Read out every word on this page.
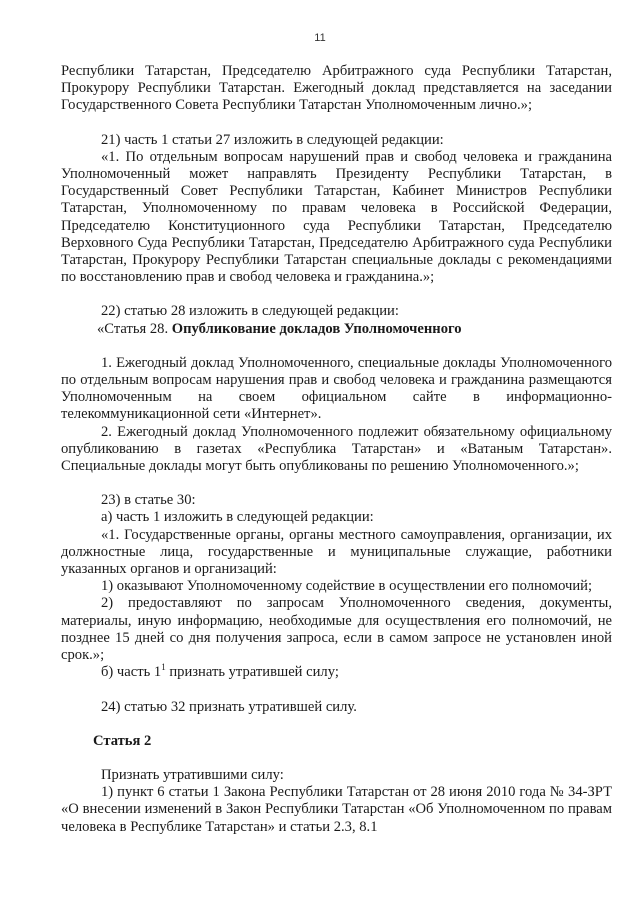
11

Республики Татарстан, Председателю Арбитражного суда Республики Татарстан, Прокурору Республики Татарстан. Ежегодный доклад представляется на заседании Государственного Совета Республики Татарстан Уполномоченным лично.»;

21) часть 1 статьи 27 изложить в следующей редакции:

«1. По отдельным вопросам нарушений прав и свобод человека и гражданина Уполномоченный может направлять Президенту Республики Татарстан, в Государственный Совет Республики Татарстан, Кабинет Министров Республики Татарстан, Уполномоченному по правам человека в Российской Федерации, Председателю Конституционного суда Республики Татарстан, Председателю Верховного Суда Республики Татарстан, Председателю Арбитражного суда Республики Татарстан, Прокурору Республики Татарстан специальные доклады с рекомендациями по восстановлению прав и свобод человека и гражданина.»;

22) статью 28 изложить в следующей редакции:

«Статья 28. Опубликование докладов Уполномоченного

1. Ежегодный доклад Уполномоченного, специальные доклады Уполномоченного по отдельным вопросам нарушения прав и свобод человека и гражданина размещаются Уполномоченным на своем официальном сайте в информационно-телекоммуникационной сети «Интернет».

2. Ежегодный доклад Уполномоченного подлежит обязательному официальному опубликованию в газетах «Республика Татарстан» и «Ватаным Татарстан». Специальные доклады могут быть опубликованы по решению Уполномоченного.»;

23) в статье 30:

а) часть 1 изложить в следующей редакции:

«1. Государственные органы, органы местного самоуправления, организации, их должностные лица, государственные и муниципальные служащие, работники указанных органов и организаций:

1) оказывают Уполномоченному содействие в осуществлении его полномочий;

2) предоставляют по запросам Уполномоченного сведения, документы, материалы, иную информацию, необходимые для осуществления его полномочий, не позднее 15 дней со дня получения запроса, если в самом запросе не установлен иной срок.»;

б) часть $1^1$ признать утратившей силу;

24) статью 32 признать утратившей силу.

Статья 2

Признать утратившими силу:

1) пункт 6 статьи 1 Закона Республики Татарстан от 28 июня 2010 года № 34-ЗРТ «О внесении изменений в Закон Республики Татарстан «Об Уполномоченном по правам человека в Республике Татарстан» и статьи 2.3, 8.1
